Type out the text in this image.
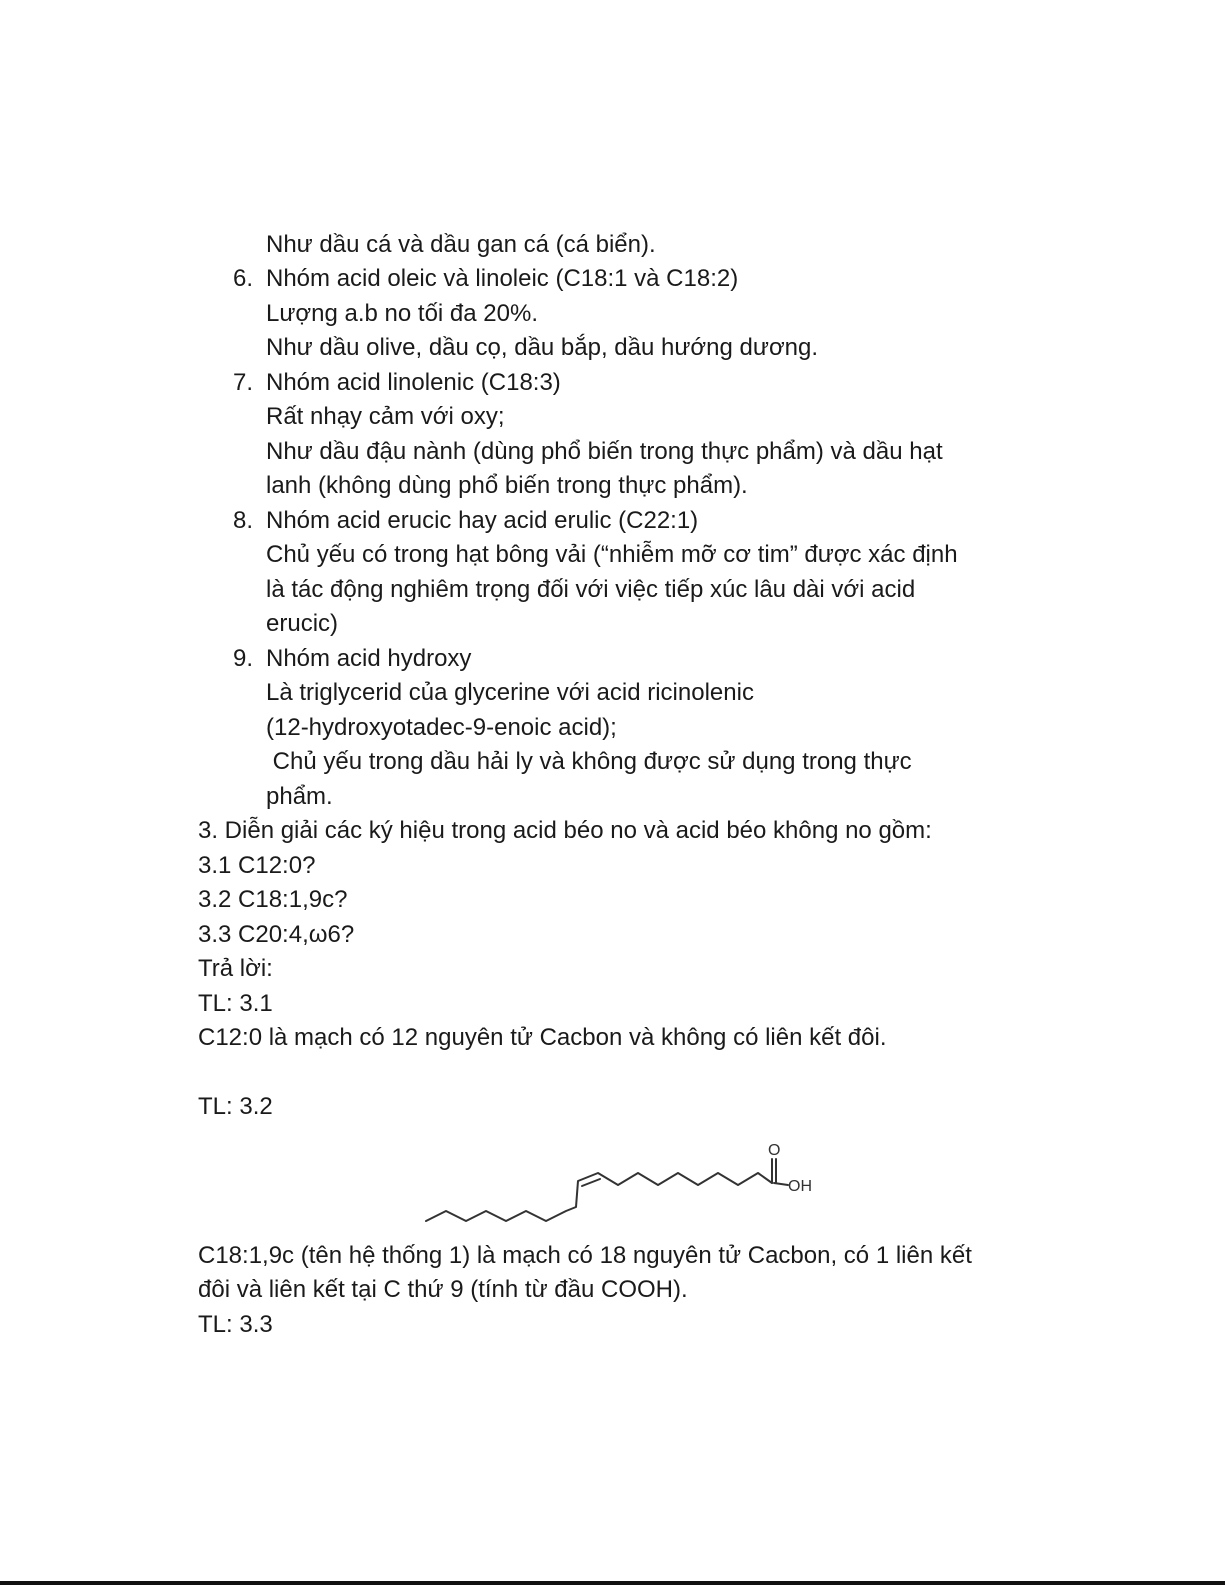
Như dầu cá và dầu gan cá (cá biển).
6. Nhóm acid oleic và linoleic (C18:1 và C18:2)
Lượng a.b no tối đa 20%.
Như dầu olive, dầu cọ, dầu bắp, dầu hướng dương.
7. Nhóm acid linolenic (C18:3)
Rất nhạy cảm với oxy;
Như dầu đậu nành (dùng phổ biến trong thực phẩm) và dầu hạt
lanh (không dùng phổ biến trong thực phẩm).
8. Nhóm acid erucic hay acid erulic (C22:1)
Chủ yếu có trong hạt bông vải (“nhiễm mỡ cơ tim” được xác định
là tác động nghiêm trọng đối với việc tiếp xúc lâu dài với acid
erucic)
9. Nhóm acid hydroxy
Là triglycerid của glycerine với acid ricinolenic
(12-hydroxyotadec-9-enoic acid);
Chủ yếu trong dầu hải ly và không được sử dụng trong thực
phẩm.
3. Diễn giải các ký hiệu trong acid béo no và acid béo không no gồm:
3.1 C12:0?
3.2 C18:1,9c?
3.3 C20:4,ω6?
Trả lời:
TL: 3.1
C12:0 là mạch có 12 nguyên tử Cacbon và không có liên kết đôi.
TL: 3.2
O
OH
C18:1,9c (tên hệ thống 1) là mạch có 18 nguyên tử Cacbon, có 1 liên kết
đôi và liên kết tại C thứ 9 (tính từ đầu COOH).
TL: 3.3
